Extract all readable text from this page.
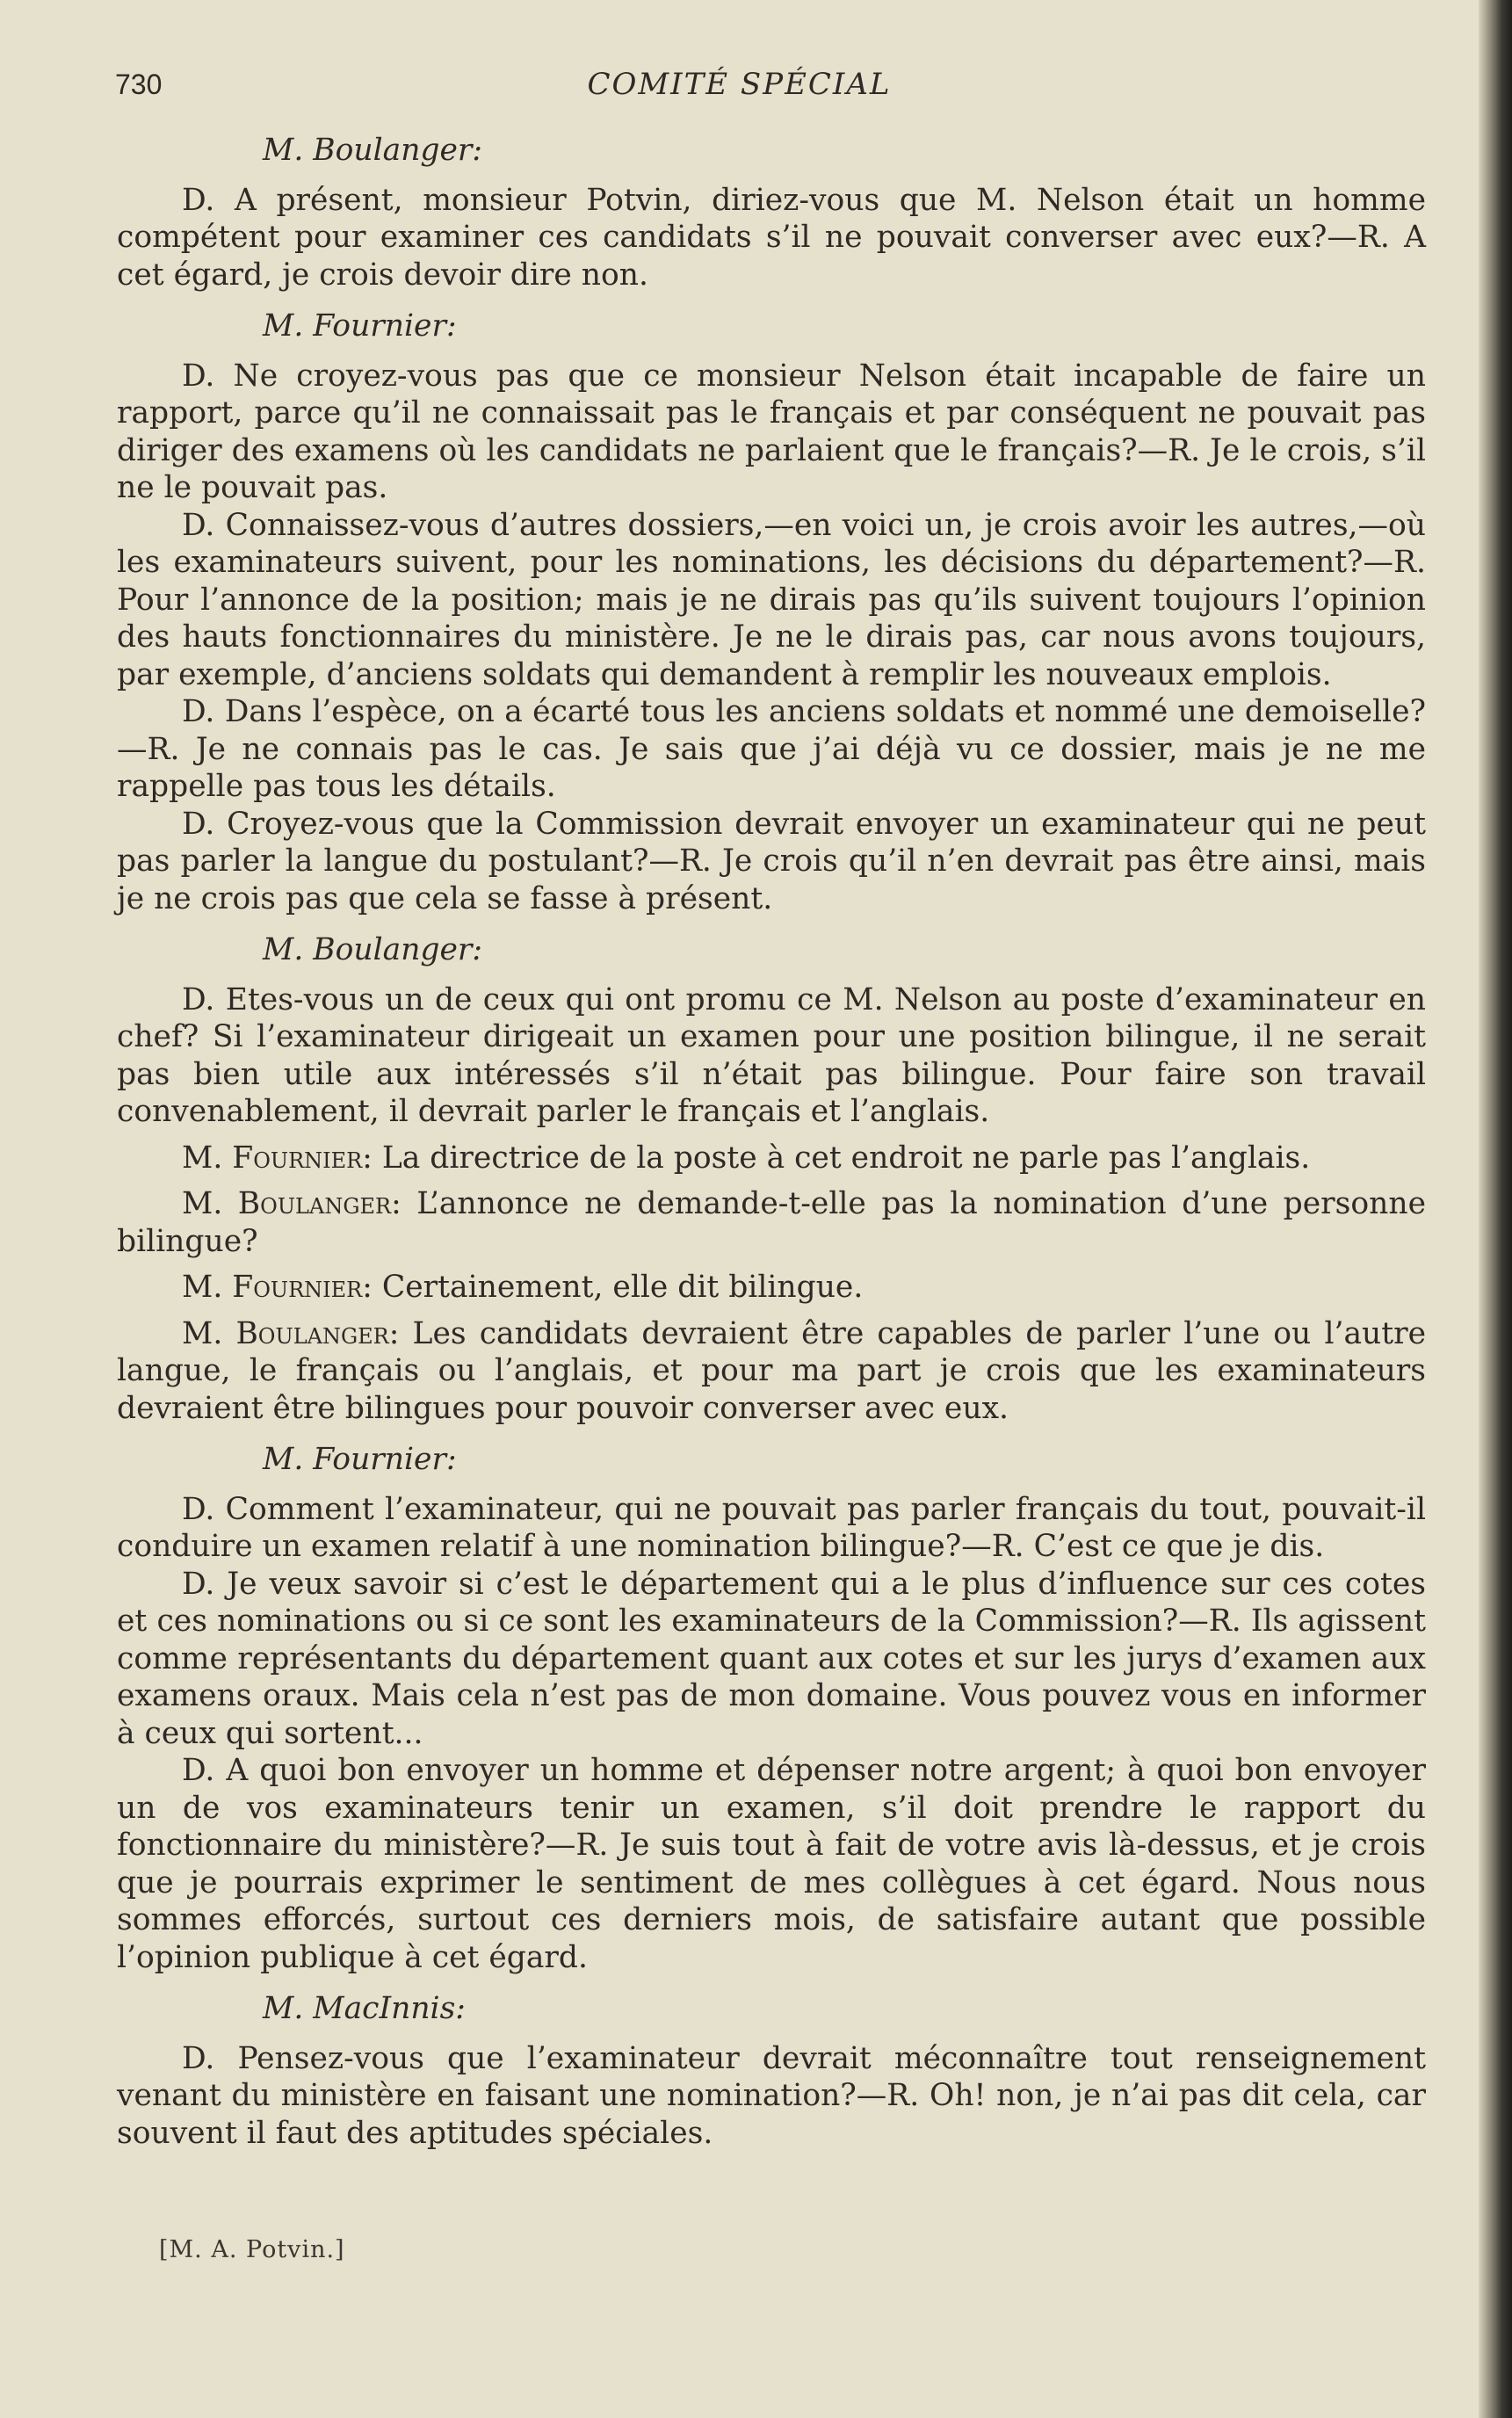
730	COMITÉ SPÉCIAL

M. Boulanger:

D. A présent, monsieur Potvin, diriez-vous que M. Nelson était un homme compétent pour examiner ces candidats s’il ne pouvait converser avec eux?—R. A cet égard, je crois devoir dire non.

M. Fournier:

D. Ne croyez-vous pas que ce monsieur Nelson était incapable de faire un rapport, parce qu’il ne connaissait pas le français et par conséquent ne pouvait pas diriger des examens où les candidats ne parlaient que le français?—R. Je le crois, s’il ne le pouvait pas.

D. Connaissez-vous d’autres dossiers,—en voici un, je crois avoir les autres,—où les examinateurs suivent, pour les nominations, les décisions du département?—R. Pour l’annonce de la position; mais je ne dirais pas qu’ils suivent toujours l’opinion des hauts fonctionnaires du ministère. Je ne le dirais pas, car nous avons toujours, par exemple, d’anciens soldats qui demandent à remplir les nouveaux emplois.

D. Dans l’espèce, on a écarté tous les anciens soldats et nommé une demoiselle?—R. Je ne connais pas le cas. Je sais que j’ai déjà vu ce dossier, mais je ne me rappelle pas tous les détails.

D. Croyez-vous que la Commission devrait envoyer un examinateur qui ne peut pas parler la langue du postulant?—R. Je crois qu’il n’en devrait pas être ainsi, mais je ne crois pas que cela se fasse à présent.

M. Boulanger:

D. Etes-vous un de ceux qui ont promu ce M. Nelson au poste d’examinateur en chef? Si l’examinateur dirigeait un examen pour une position bilingue, il ne serait pas bien utile aux intéressés s’il n’était pas bilingue. Pour faire son travail convenablement, il devrait parler le français et l’anglais.

M. Fournier: La directrice de la poste à cet endroit ne parle pas l’anglais.

M. Boulanger: L’annonce ne demande-t-elle pas la nomination d’une personne bilingue?

M. Fournier: Certainement, elle dit bilingue.

M. Boulanger: Les candidats devraient être capables de parler l’une ou l’autre langue, le français ou l’anglais, et pour ma part je crois que les examinateurs devraient être bilingues pour pouvoir converser avec eux.

M. Fournier:

D. Comment l’examinateur, qui ne pouvait pas parler français du tout, pouvait-il conduire un examen relatif à une nomination bilingue?—R. C’est ce que je dis.

D. Je veux savoir si c’est le département qui a le plus d’influence sur ces cotes et ces nominations ou si ce sont les examinateurs de la Commission?—R. Ils agissent comme représentants du département quant aux cotes et sur les jurys d’examen aux examens oraux. Mais cela n’est pas de mon domaine. Vous pouvez vous en informer à ceux qui sortent...

D. A quoi bon envoyer un homme et dépenser notre argent; à quoi bon envoyer un de vos examinateurs tenir un examen, s’il doit prendre le rapport du fonctionnaire du ministère?—R. Je suis tout à fait de votre avis là-dessus, et je crois que je pourrais exprimer le sentiment de mes collègues à cet égard. Nous nous sommes efforcés, surtout ces derniers mois, de satisfaire autant que possible l’opinion publique à cet égard.

M. MacInnis:

D. Pensez-vous que l’examinateur devrait méconnaître tout renseignement venant du ministère en faisant une nomination?—R. Oh! non, je n’ai pas dit cela, car souvent il faut des aptitudes spéciales.

[M. A. Potvin.]
